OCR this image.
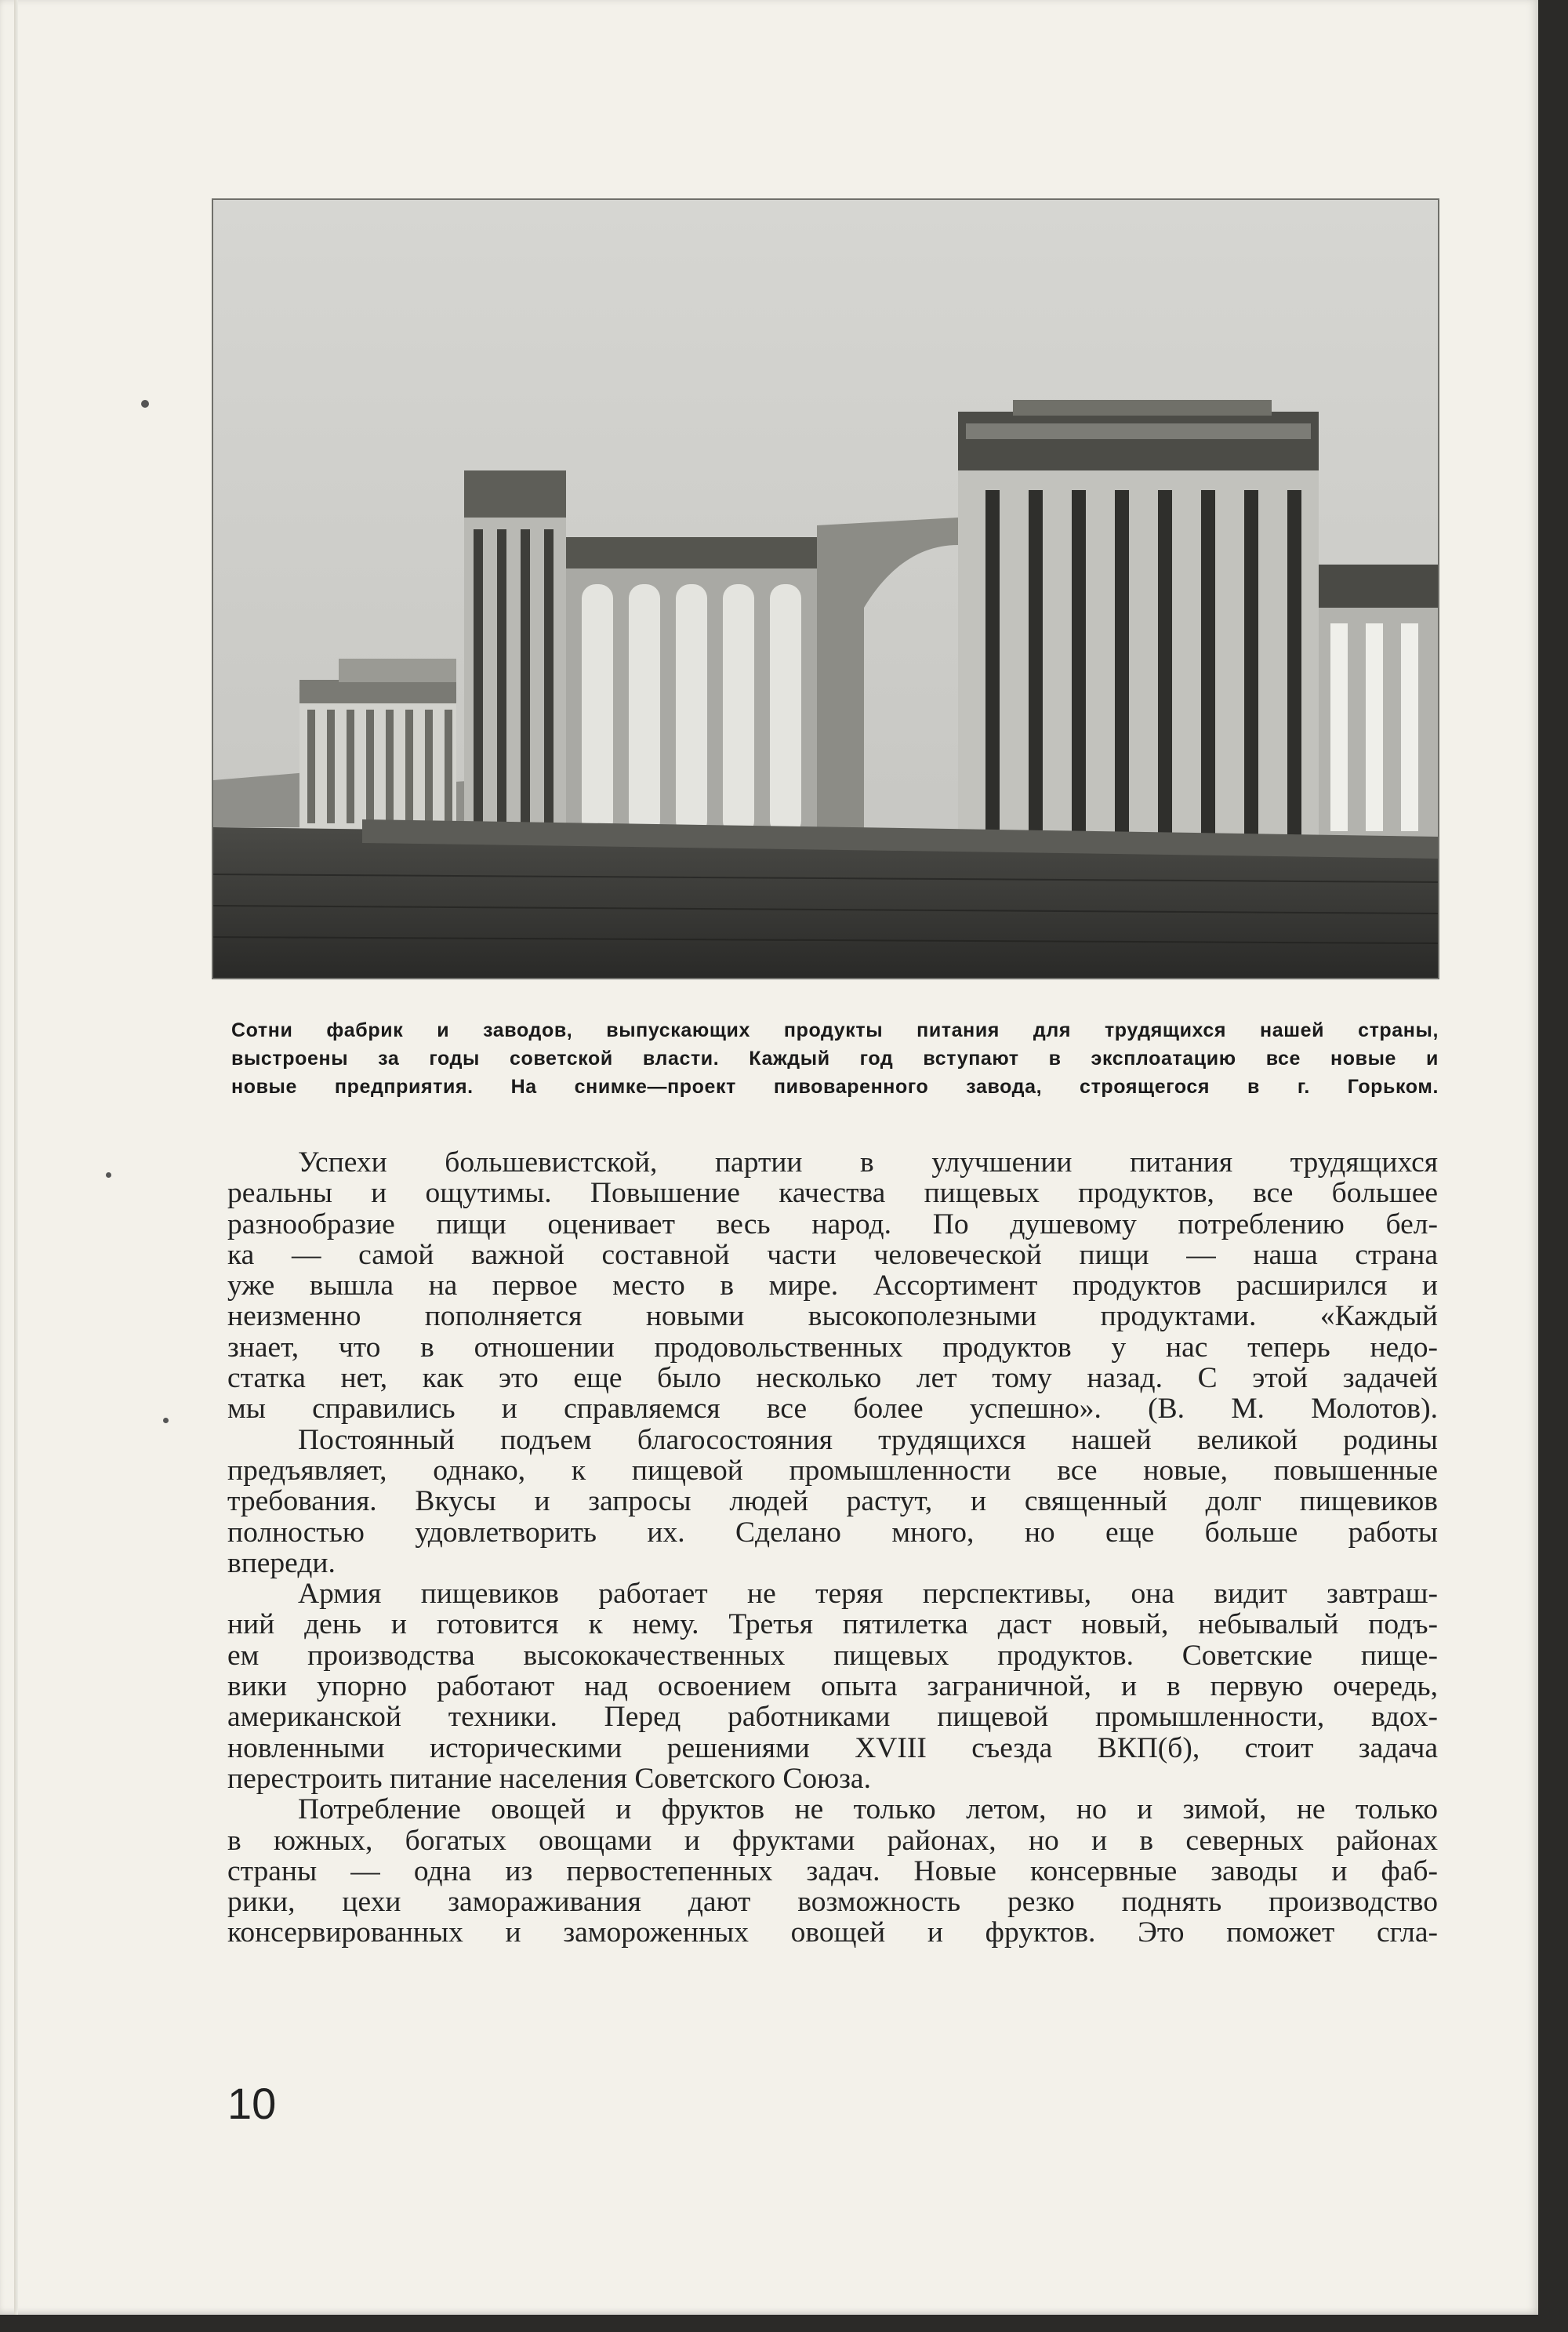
Сотни фабрик и заводов, выпускающих продукты питания для трудящихся нашей страны,
выстроены за годы советской власти. Каждый год вступают в эксплоатацию все новые и
новые предприятия. На снимке—проект пивоваренного завода, строящегося в г. Горьком.
Успехи большевистской, партии в улучшении питания трудящихся
реальны и ощутимы. Повышение качества пищевых продуктов, все большее
разнообразие пищи оценивает весь народ. По душевому потреблению бел-
ка — самой важной составной части человеческой пищи — наша страна
уже вышла на первое место в мире. Ассортимент продуктов расширился и
неизменно пополняется новыми высокополезными продуктами. «Каждый
знает, что в отношении продовольственных продуктов у нас теперь недо-
статка нет, как это еще было несколько лет тому назад. С этой задачей
мы справились и справляемся все более успешно». (В. М. Молотов).
Постоянный подъем благосостояния трудящихся нашей великой родины
предъявляет, однако, к пищевой промышленности все новые, повышенные
требования. Вкусы и запросы людей растут, и священный долг пищевиков
полностью удовлетворить их. Сделано много, но еще больше работы
впереди.
Армия пищевиков работает не теряя перспективы, она видит завтраш-
ний день и готовится к нему. Третья пятилетка даст новый, небывалый подъ-
ем производства высококачественных пищевых продуктов. Советские пище-
вики упорно работают над освоением опыта заграничной, и в первую очередь,
американской техники. Перед работниками пищевой промышленности, вдох-
новленными историческими решениями XVIII съезда ВКП(б), стоит задача
перестроить питание населения Советского Союза.
Потребление овощей и фруктов не только летом, но и зимой, не только
в южных, богатых овощами и фруктами районах, но и в северных районах
страны — одна из первостепенных задач. Новые консервные заводы и фаб-
рики, цехи замораживания дают возможность резко поднять производство
консервированных и замороженных овощей и фруктов. Это поможет сгла-
10
